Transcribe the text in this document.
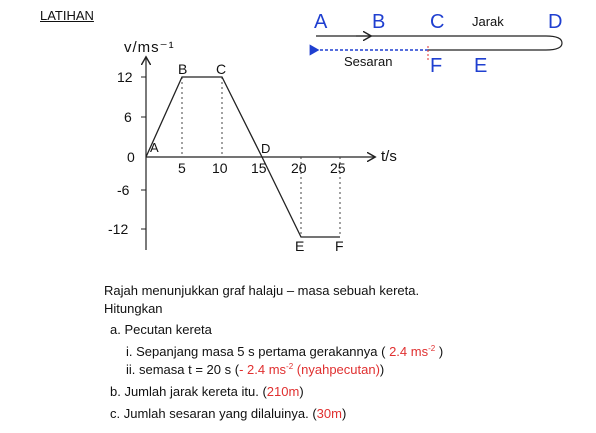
LATIHAN
v/ms⁻¹
t/s
12
6
0
-6
-12
5 10 15 20 25
A
B C
D
E F
A B C Jarak D
Sesaran F E
Rajah menunjukkan graf halaju – masa sebuah kereta.
Hitungkan
a. Pecutan kereta
i. Sepanjang masa 5 s pertama gerakannya ( 2.4 $ms^{-2}$ )
ii. semasa t = 20 s (- 2.4 $ms^{-2}$ (nyahpecutan))
b. Jumlah jarak kereta itu. (210m)
c. Jumlah sesaran yang dilaluinya. (30m)
